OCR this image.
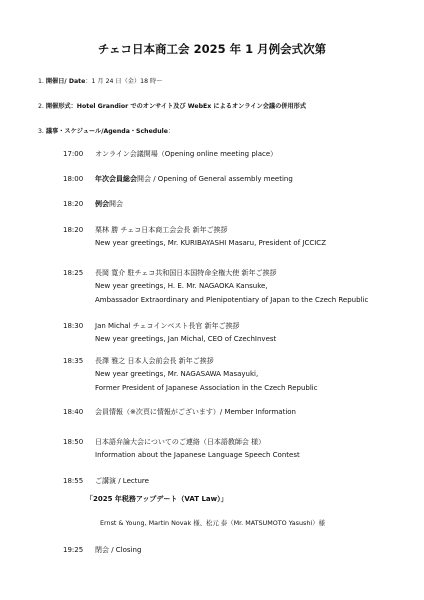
チェコ日本商工会 2025 年 1 月例会式次第
1. 開催日/ Date：1 月 24 日（金）18 時～
2. 開催形式：Hotel Grandior でのオンサイト及び WebEx によるオンライン会議の併用形式
3. 議事・スケジュール/Agenda・Schedule：
17:00 オンライン会議開場（Opening online meeting place）
18:00 年次会員総会開会 / Opening of General assembly meeting
18:20 例会開会
18:20 栗林 勝 チェコ日本商工会会長 新年ご挨拶
New year greetings, Mr. KURIBAYASHI Masaru, President of JCCICZ
18:25 長岡 寛介 駐チェコ共和国日本国特命全権大使 新年ご挨拶
New year greetings, H. E. Mr. NAGAOKA Kansuke,
Ambassador Extraordinary and Plenipotentiary of Japan to the Czech Republic
18:30 Jan Michal チェコインベスト長官 新年ご挨拶
New year greetings, Jan Michal, CEO of CzechInvest
18:35 長澤 雅之 日本人会前会長 新年ご挨拶
New year greetings, Mr. NAGASAWA Masayuki,
Former President of Japanese Association in the Czech Republic
18:40 会員情報（※次頁に情報がございます）/ Member Information
18:50 日本語弁論大会についてのご連絡（日本語教師会 様）
Information about the Japanese Language Speech Contest
18:55 ご講演 / Lecture
「2025 年税務アップデート（VAT Law）」
Ernst & Young, Martin Novak 様、松元 泰（Mr. MATSUMOTO Yasushi）様
19:25 閉会 / Closing
